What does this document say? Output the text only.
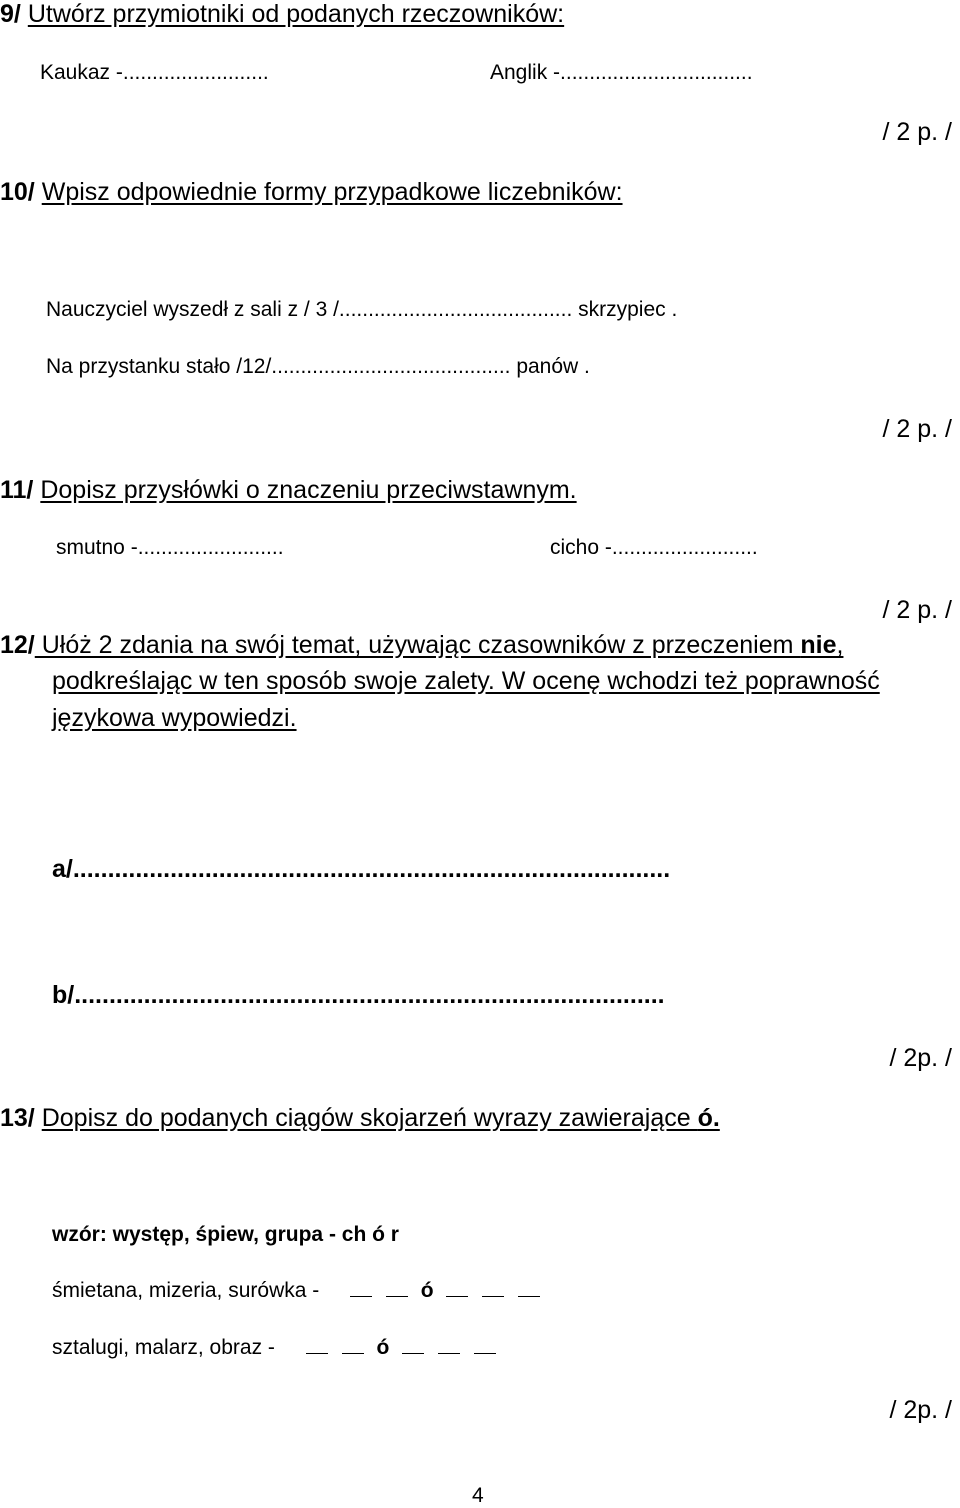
9/ Utwórz przymiotniki od podanych rzeczowników:
Kaukaz -.........................	Anglik -.................................
/ 2 p. /
10/ Wpisz odpowiednie formy przypadkowe liczebników:
Nauczyciel wyszedł z sali z / 3 /........................................ skrzypiec .
Na przystanku stało /12/......................................... panów .
/ 2 p. /
11/ Dopisz przysłówki o znaczeniu przeciwstawnym.
smutno -.........................	cicho -.........................
/ 2 p. /
12/ Ułóż 2 zdania na swój temat, używając czasowników z przeczeniem nie,
podkreślając w ten sposób swoje zalety. W ocenę wchodzi też poprawność
językowa wypowiedzi.
a/......................................................................................
b/.....................................................................................
/ 2p. /
13/ Dopisz do podanych ciągów skojarzeń wyrazy zawierające ó.
wzór: występ, śpiew, grupa - ch ó r
śmietana, mizeria, surówka -	ó
sztalugi, malarz, obraz -	ó
/ 2p. /
4
